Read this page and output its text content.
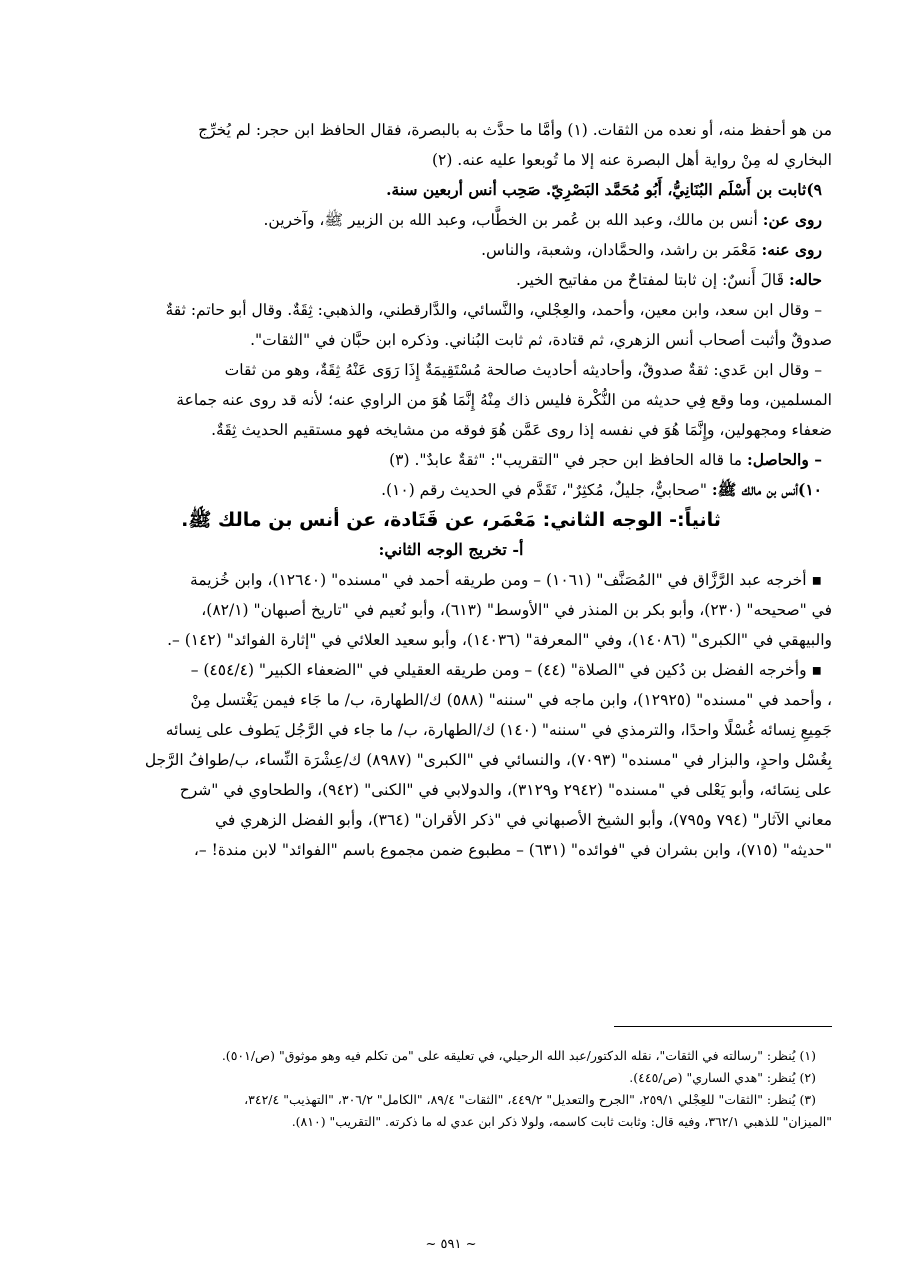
من هو أحفظ منه، أو نعده من الثقات. (١) وأمَّا ما حدَّث به بالبصرة، فقال الحافظ ابن حجر: لم يُخرِّج

البخاري له مِنْ رواية أهل البصرة عنه إلا ما تُوبعوا عليه عنه. (٢)

٩)ثابت بن أَسْلَم البُنَانِيُّ، أَبُو مُحَمَّد البَصْرِيّ. صَحِب أنس أربعين سنة.

روى عن: أنس بن مالك، وعبد الله بن عُمر بن الخطَّاب، وعبد الله بن الزبير ﷺ، وآخرين.

روى عنه: مَعْمَر بن راشد، والحمَّادان، وشعبة، والناس.

حاله: قَالَ أَنسٌ: إن ثابتا لمفتاحٌ من مفاتيح الخير.

– وقال ابن سعد، وابن معين، وأحمد، والعِجْلي، والنَّسائي، والدَّارقطني، والذهبي: ثِقَةٌ. وقال أبو حاتم: ثقةٌ

صدوقٌ وأثبت أصحاب أنس الزهري، ثم قتادة، ثم ثابت البُناني. وذكره ابن حبَّان في "الثقات".

– وقال ابن عَدي: ثقةٌ صدوقٌ، وأحاديثه أحاديث صالحة مُسْتَقِيمَةٌ إِذَا رَوَى عَنْهُ ثِقَةٌ، وهو من ثقات

المسلمين، وما وقع فِي حديثه من النُّكْرة فليس ذاك مِنْهُ إِنَّمَا هُوَ من الراوي عنه؛ لأنه قد روى عنه جماعة

ضعفاء ومجهولين، وإِنَّمَا هُوَ في نفسه إذا روى عَمَّن هُوَ فوقه من مشايخه فهو مستقيم الحديث ثِقَةٌ.

– والحاصل: ما قاله الحافظ ابن حجر في "التقريب": "ثقةٌ عابدٌ". (٣)

١٠)أنس بن مالك ﷺ: "صحابيٌّ، جليلٌ، مُكثِرٌ"، تَقَدَّم في الحديث رقم (١٠).

ثانياً:- الوجه الثاني: مَعْمَر، عن قَتَادة، عن أنس بن مالك ﷺ.

أ- تخريج الوجه الثاني:

▪ أخرجه عبد الرَّزَّاق في "المُصَنَّف" (١٠٦١) – ومن طريقه أحمد في "مسنده" (١٢٦٤٠)، وابن خُزيمة

في "صحيحه" (٢٣٠)، وأبو بكر بن المنذر في "الأوسط" (٦١٣)، وأبو نُعيم في "تاريخ أصبهان" (٨٢/١)،

والبيهقي في "الكبرى" (١٤٠٨٦)، وفي "المعرفة" (١٤٠٣٦)، وأبو سعيد العلائي في "إثارة الفوائد" (١٤٢) –.

▪ وأخرجه الفضل بن دُكين في "الصلاة" (٤٤) – ومن طريقه العقيلي في "الضعفاء الكبير" (٤٥٤/٤) –

، وأحمد في "مسنده" (١٢٩٢٥)، وابن ماجه في "سننه" (٥٨٨) ك/الطهارة، ب/ ما جَاء فيمن يَغْتسل مِنْ

جَمِيعِ نِسائه غُسْلًا واحدًا، والترمذي في "سننه" (١٤٠) ك/الطهارة، ب/ ما جاء في الرَّجُل يَطوف على نِسائه

بِغُسْل واحدٍ، والبزار في "مسنده" (٧٠٩٣)، والنسائي في "الكبرى" (٨٩٨٧) ك/عِشْرَة النِّساء، ب/طوافُ الرَّجل

على نِسَائه، وأبو يَعْلى في "مسنده" (٢٩٤٢ و٣١٢٩)، والدولابي في "الكنى" (٩٤٢)، والطحاوي في "شرح

معاني الآثار" (٧٩٤ و٧٩٥)، وأبو الشيخ الأصبهاني في "ذكر الأقران" (٣٦٤)، وأبو الفضل الزهري في

"حديثه" (٧١٥)، وابن بشران في "فوائده" (٦٣١) – مطبوع ضمن مجموع باسم "الفوائد" لابن مندة! –،

(١) يُنظر: "رسالته في الثقات"، نقله الدكتور/عبد الله الرحيلي، في تعليقه على "من تكلم فيه وهو موثوق" (ص/٥٠١).

(٢) يُنظر: "هدي الساري" (ص/٤٤٥).

(٣) يُنظر: "الثقات" للعِجْلي ٢٥٩/١، "الجرح والتعديل" ٤٤٩/٢، "الثقات" ٨٩/٤، "الكامل" ٣٠٦/٢، "التهذيب" ٣٤٢/٤،

"الميزان" للذهبي ٣٦٢/١، وفيه قال: وثابت ثابت كاسمه، ولولا ذكر ابن عدي له ما ذكرته. "التقريب" (٨١٠).

~ ٥٩١ ~
